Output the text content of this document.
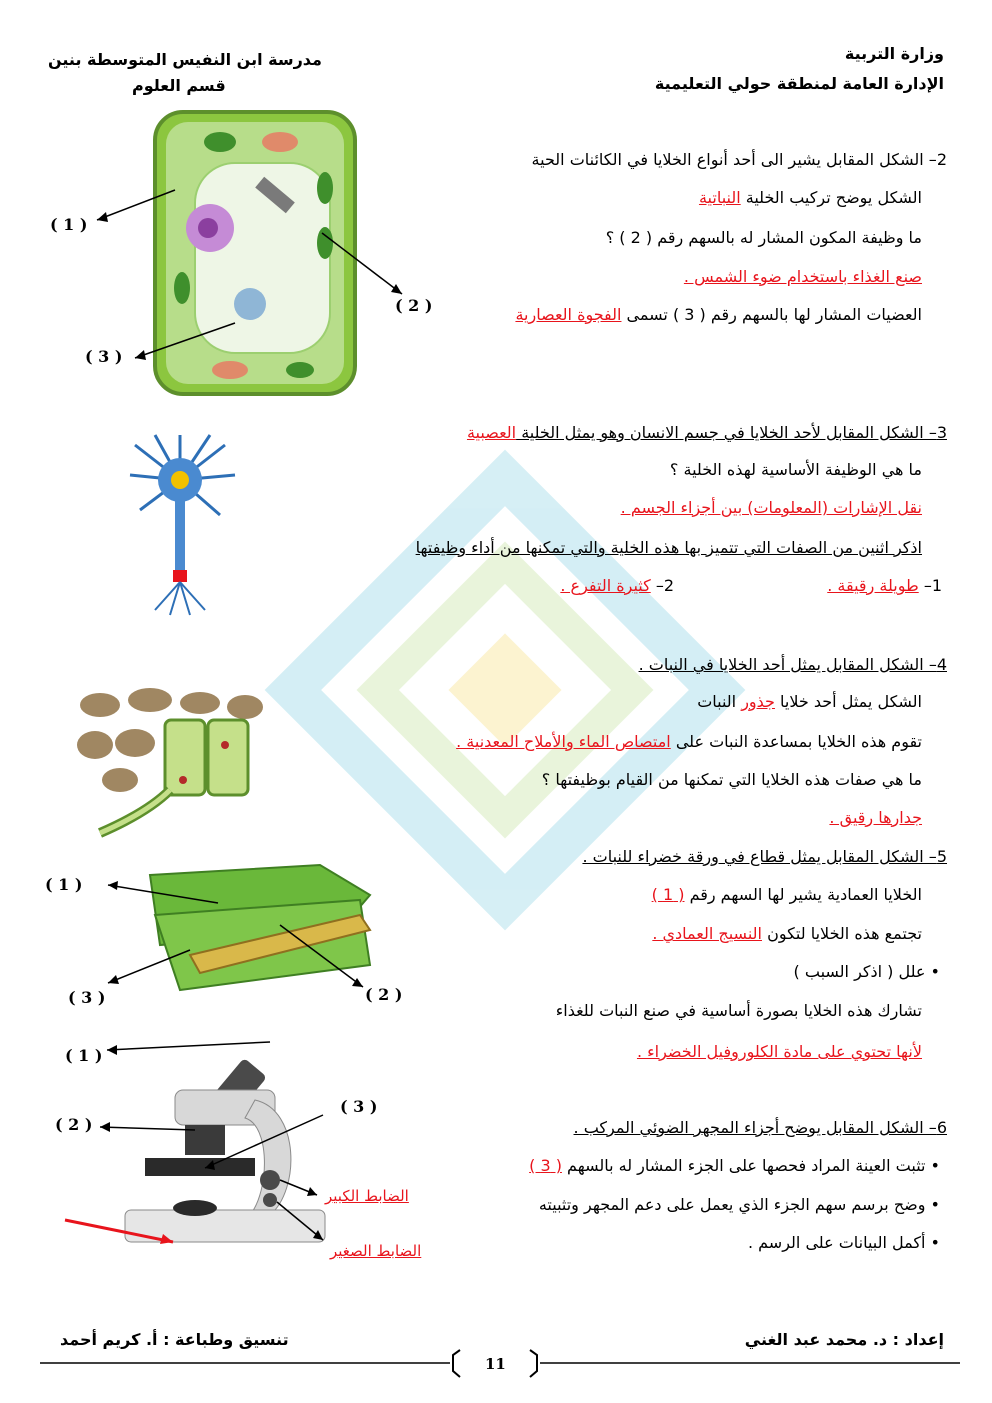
وزارة التربية
الإدارة العامة لمنطقة حولي التعليمية
مدرسة ابن النفيس المتوسطة بنين
قسم العلوم
( 1 )
( 2 )
( 3 )
2– الشكل المقابل يشير الى أحد أنواع الخلايا في الكائنات الحية
الشكل يوضح تركيب الخلية النباتية
ما وظيفة المكون المشار له بالسهم رقم ( 2 ) ؟
صنع الغذاء باستخدام ضوء الشمس .
العضيات المشار لها بالسهم رقم ( 3 ) تسمى الفجوة العصارية
3– الشكل المقابل لأحد الخلايا في جسم الانسان وهو يمثل الخلية العصبية
ما هي الوظيفة الأساسية لهذه الخلية ؟
نقل الإشارات (المعلومات) بين أجزاء الجسم .
اذكر اثنين من الصفات التي تتميز بها هذه الخلية والتي تمكنها من أداء وظيفتها
1– طويلة رقيقة .
2– كثيرة التفرع .
4– الشكل المقابل يمثل أحد الخلايا في النبات .
الشكل يمثل أحد خلايا جذور النبات
تقوم هذه الخلايا بمساعدة النبات على امتصاص الماء والأملاح المعدنية .
ما هي صفات هذه الخلايا التي تمكنها من القيام بوظيفتها ؟
جدارها رقيق .
( 1 )
( 2 )
( 3 )
5– الشكل المقابل يمثل قطاع في ورقة خضراء للنبات .
الخلايا العمادية يشير لها السهم رقم ( 1 )
تجتمع هذه الخلايا لتكون النسيج العمادي .
• علل ( اذكر السبب )
تشارك هذه الخلايا بصورة أساسية في صنع النبات للغذاء
لأنها تحتوي على مادة الكلوروفيل الخضراء .
( 1 )
( 2 )
( 3 )
الضابط الكبير
الضابط الصغير
6– الشكل المقابل يوضح أجزاء المجهر الضوئي المركب .
• تثبت العينة المراد فحصها على الجزء المشار له بالسهم ( 3 )
• وضح برسم سهم الجزء الذي يعمل على دعم المجهر وتثبيته
• أكمل البيانات على الرسم .
إعداد : د. محمد عبد الغني
تنسيق وطباعة : أ. كريم أحمد
11
